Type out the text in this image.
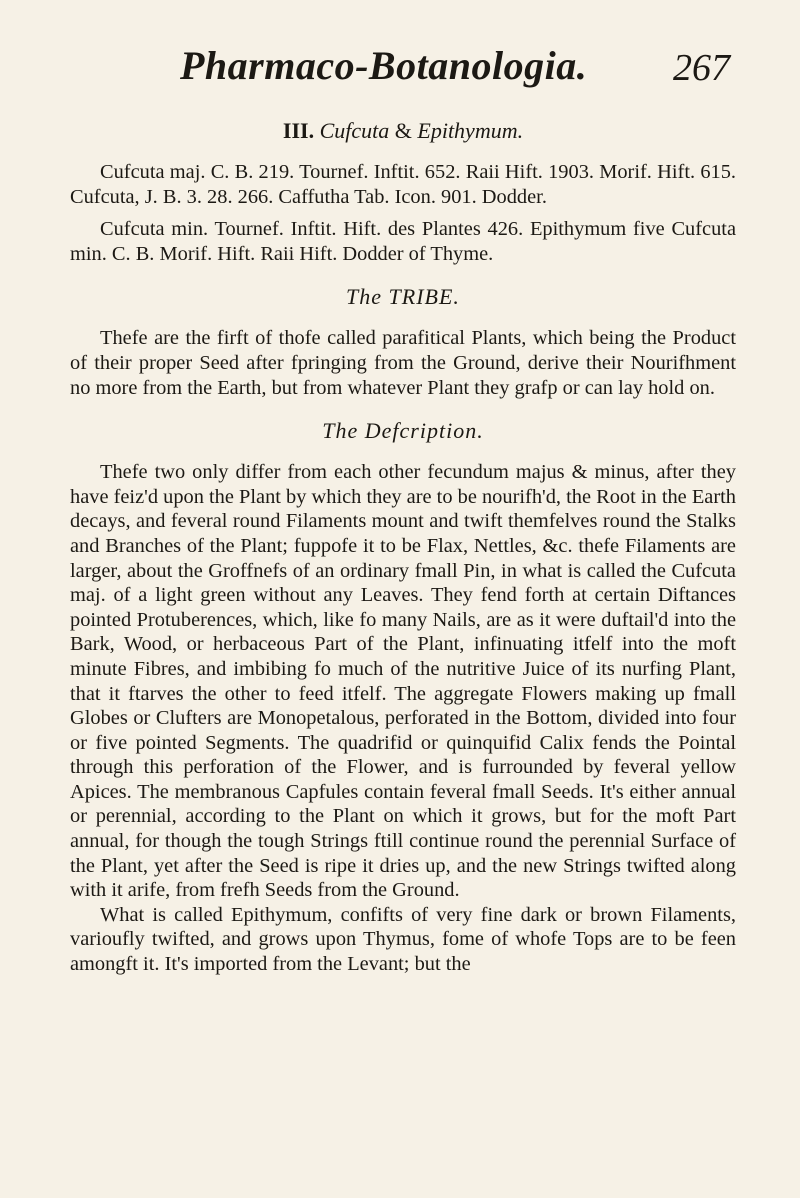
Pharmaco-Botanologia. 267
III. Cufcuta & Epithymum.

Cufcuta maj. C. B. 219. Tournef. Inftit. 652. Raii Hift. 1903. Morif. Hift. 615. Cufcuta, J. B. 3. 28. 266. Caffutha Tab. Icon. 901. Dodder.

Cufcuta min. Tournef. Inftit. Hift. des Plantes 426. Epithymum five Cufcuta min. C. B. Morif. Hift. Raii Hift. Dodder of Thyme.

The TRIBE.

Thefe are the firft of thofe called parafitical Plants, which being the Product of their proper Seed after fpringing from the Ground, derive their Nourifhment no more from the Earth, but from whatever Plant they grafp or can lay hold on.

The Defcription.

Thefe two only differ from each other fecundum majus & minus, after they have feiz'd upon the Plant by which they are to be nourifh'd, the Root in the Earth decays, and feveral round Filaments mount and twift themfelves round the Stalks and Branches of the Plant; fuppofe it to be Flax, Nettles, &c. thefe Filaments are larger, about the Groffnefs of an ordinary fmall Pin, in what is called the Cufcuta maj. of a light green without any Leaves. They fend forth at certain Diftances pointed Protuberences, which, like fo many Nails, are as it were duftail'd into the Bark, Wood, or herbaceous Part of the Plant, infinuating itfelf into the moft minute Fibres, and imbibing fo much of the nutritive Juice of its nurfing Plant, that it ftarves the other to feed itfelf. The aggregate Flowers making up fmall Globes or Clufters are Monopetalous, perforated in the Bottom, divided into four or five pointed Segments. The quadrifid or quinquifid Calix fends the Pointal through this perforation of the Flower, and is furrounded by feveral yellow Apices. The membranous Capfules contain feveral fmall Seeds. It's either annual or perennial, according to the Plant on which it grows, but for the moft Part annual, for though the tough Strings ftill continue round the perennial Surface of the Plant, yet after the Seed is ripe it dries up, and the new Strings twifted along with it arife, from frefh Seeds from the Ground.

What is called Epithymum, confifts of very fine dark or brown Filaments, varioufly twifted, and grows upon Thymus, fome of whofe Tops are to be feen amongft it. It's imported from the Levant; but the
